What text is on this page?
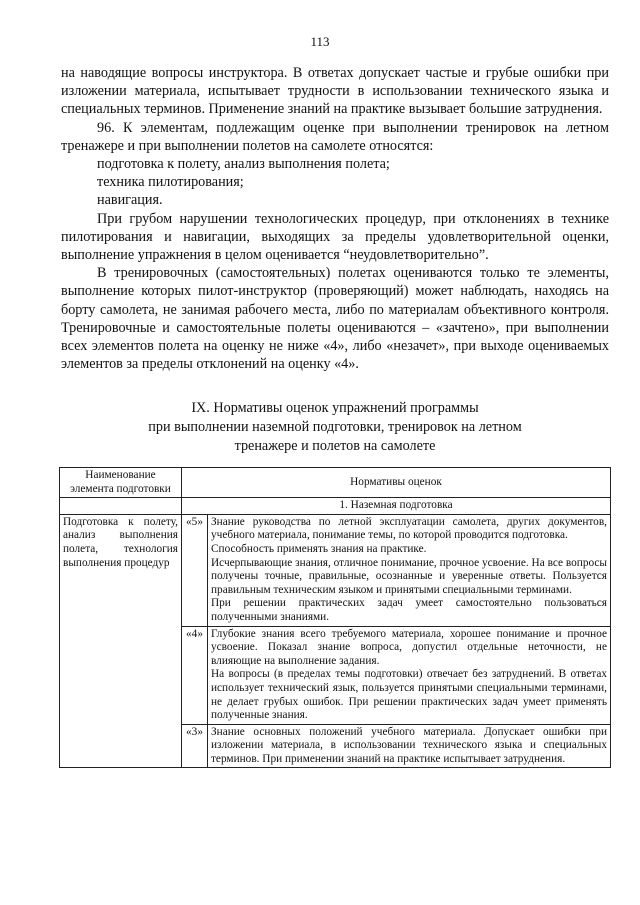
113

на наводящие вопросы инструктора. В ответах допускает частые и грубые ошибки при изложении материала, испытывает трудности в использовании технического языка и специальных терминов. Применение знаний на практике вызывает большие затруднения.

96. К элементам, подлежащим оценке при выполнении тренировок на летном тренажере и при выполнении полетов на самолете относятся:

подготовка к полету, анализ выполнения полета;

техника пилотирования;

навигация.

При грубом нарушении технологических процедур, при отклонениях в технике пилотирования и навигации, выходящих за пределы удовлетворительной оценки, выполнение упражнения в целом оценивается “неудовлетворительно”.

В тренировочных (самостоятельных) полетах оцениваются только те элементы, выполнение которых пилот-инструктор (проверяющий) может наблюдать, находясь на борту самолета, не занимая рабочего места, либо по материалам объективного контроля. Тренировочные и самостоятельные полеты оцениваются – «зачтено», при выполнении всех элементов полета на оценку не ниже «4», либо «незачет», при выходе оцениваемых элементов за пределы отклонений на оценку «4».

IX. Нормативы оценок упражнений программы
при выполнении наземной подготовки, тренировок на летном
тренажере и полетов на самолете
Наименование элемента подготовки	Нормативы оценок	
	1. Наземная подготовка	
Подготовка к полету, анализ выполнения полета, технология выполнения процедур	«5»	Знание руководства по летной эксплуатации самолета, других документов, учебного материала, понимание темы, по которой проводится подготовка.

Способность применять знания на практике.

Исчерпывающие знания, отличное понимание, прочное усвоение. На все вопросы получены точные, правильные, осознанные и уверенные ответы. Пользуется правильным техническим языком и принятыми специальными терминами.

При решении практических задач умеет самостоятельно пользоваться полученными знаниями.

	«4»	Глубокие знания всего требуемого материала, хорошее понимание и прочное усвоение. Показал знание вопроса, допустил отдельные неточности, не влияющие на выполнение задания.

На вопросы (в пределах темы подготовки) отвечает без затруднений. В ответах использует технический язык, пользуется принятыми специальными терминами, не делает грубых ошибок. При решении практических задач умеет применять полученные знания.

	«3»	Знание основных положений учебного материала. Допускает ошибки при изложении материала, в использовании технического языка и специальных терминов. При применении знаний на практике испытывает затруднения.
